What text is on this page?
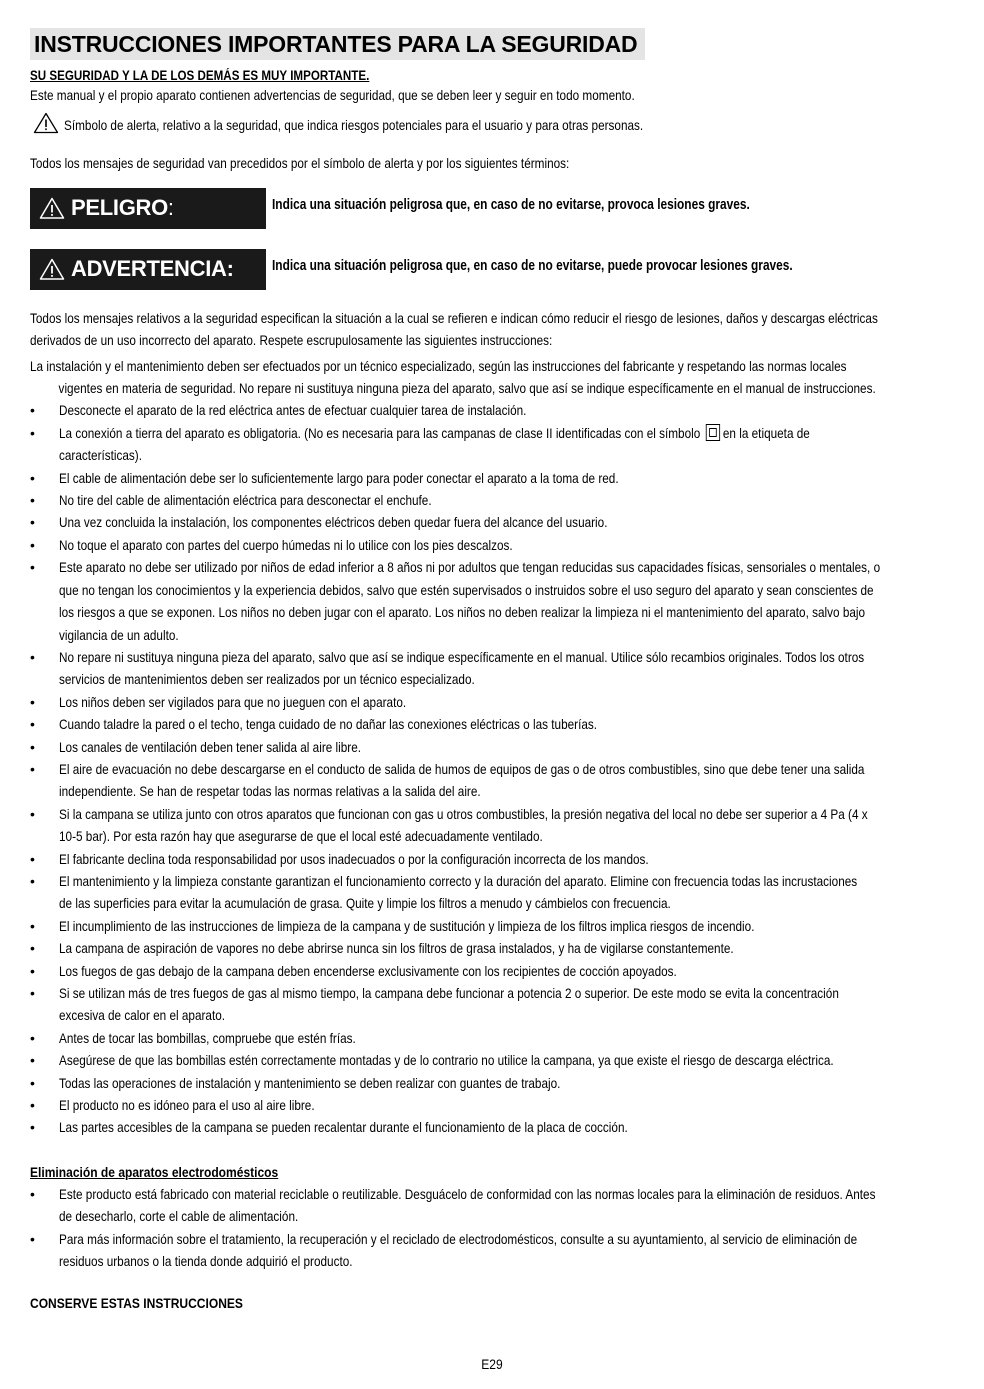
INSTRUCCIONES IMPORTANTES PARA LA SEGURIDAD
SU SEGURIDAD Y LA DE LOS DEMÁS ES MUY IMPORTANTE.
Este manual y el propio aparato contienen advertencias de seguridad, que se deben leer y seguir en todo momento.
Símbolo de alerta, relativo a la seguridad, que indica riesgos potenciales para el usuario y para otras personas.
Todos los mensajes de seguridad van precedidos por el símbolo de alerta y por los siguientes términos:
PELIGRO:	Indica una situación peligrosa que, en caso de no evitarse, provoca lesiones graves.
ADVERTENCIA:	Indica una situación peligrosa que, en caso de no evitarse, puede provocar lesiones graves.
Todos los mensajes relativos a la seguridad especifican la situación a la cual se refieren e indican cómo reducir el riesgo de lesiones, daños y descargas eléctricas
derivados de un uso incorrecto del aparato. Respete escrupulosamente las siguientes instrucciones:
La instalación y el mantenimiento deben ser efectuados por un técnico especializado, según las instrucciones del fabricante y respetando las normas locales
vigentes en materia de seguridad. No repare ni sustituya ninguna pieza del aparato, salvo que así se indique específicamente en el manual de instrucciones.
• Desconecte el aparato de la red eléctrica antes de efectuar cualquier tarea de instalación.
• La conexión a tierra del aparato es obligatoria. (No es necesaria para las campanas de clase II identificadas con el símbolo en la etiqueta de
características).
• El cable de alimentación debe ser lo suficientemente largo para poder conectar el aparato a la toma de red.
• No tire del cable de alimentación eléctrica para desconectar el enchufe.
• Una vez concluida la instalación, los componentes eléctricos deben quedar fuera del alcance del usuario.
• No toque el aparato con partes del cuerpo húmedas ni lo utilice con los pies descalzos.
• Este aparato no debe ser utilizado por niños de edad inferior a 8 años ni por adultos que tengan reducidas sus capacidades físicas, sensoriales o mentales, o
que no tengan los conocimientos y la experiencia debidos, salvo que estén supervisados o instruidos sobre el uso seguro del aparato y sean conscientes de
los riesgos a que se exponen. Los niños no deben jugar con el aparato. Los niños no deben realizar la limpieza ni el mantenimiento del aparato, salvo bajo
vigilancia de un adulto.
• No repare ni sustituya ninguna pieza del aparato, salvo que así se indique específicamente en el manual. Utilice sólo recambios originales. Todos los otros
servicios de mantenimientos deben ser realizados por un técnico especializado.
• Los niños deben ser vigilados para que no jueguen con el aparato.
• Cuando taladre la pared o el techo, tenga cuidado de no dañar las conexiones eléctricas o las tuberías.
• Los canales de ventilación deben tener salida al aire libre.
• El aire de evacuación no debe descargarse en el conducto de salida de humos de equipos de gas o de otros combustibles, sino que debe tener una salida
independiente. Se han de respetar todas las normas relativas a la salida del aire.
• Si la campana se utiliza junto con otros aparatos que funcionan con gas u otros combustibles, la presión negativa del local no debe ser superior a 4 Pa (4 x
10-5 bar). Por esta razón hay que asegurarse de que el local esté adecuadamente ventilado.
• El fabricante declina toda responsabilidad por usos inadecuados o por la configuración incorrecta de los mandos.
• El mantenimiento y la limpieza constante garantizan el funcionamiento correcto y la duración del aparato. Elimine con frecuencia todas las incrustaciones
de las superficies para evitar la acumulación de grasa. Quite y limpie los filtros a menudo y cámbielos con frecuencia.
• El incumplimiento de las instrucciones de limpieza de la campana y de sustitución y limpieza de los filtros implica riesgos de incendio.
• La campana de aspiración de vapores no debe abrirse nunca sin los filtros de grasa instalados, y ha de vigilarse constantemente.
• Los fuegos de gas debajo de la campana deben encenderse exclusivamente con los recipientes de cocción apoyados.
• Si se utilizan más de tres fuegos de gas al mismo tiempo, la campana debe funcionar a potencia 2 o superior. De este modo se evita la concentración
excesiva de calor en el aparato.
• Antes de tocar las bombillas, compruebe que estén frías.
• Asegúrese de que las bombillas estén correctamente montadas y de lo contrario no utilice la campana, ya que existe el riesgo de descarga eléctrica.
• Todas las operaciones de instalación y mantenimiento se deben realizar con guantes de trabajo.
• El producto no es idóneo para el uso al aire libre.
• Las partes accesibles de la campana se pueden recalentar durante el funcionamiento de la placa de cocción.
Eliminación de aparatos electrodomésticos
• Este producto está fabricado con material reciclable o reutilizable. Desguácelo de conformidad con las normas locales para la eliminación de residuos. Antes
de desecharlo, corte el cable de alimentación.
• Para más información sobre el tratamiento, la recuperación y el reciclado de electrodomésticos, consulte a su ayuntamiento, al servicio de eliminación de
residuos urbanos o la tienda donde adquirió el producto.
CONSERVE ESTAS INSTRUCCIONES
E29
